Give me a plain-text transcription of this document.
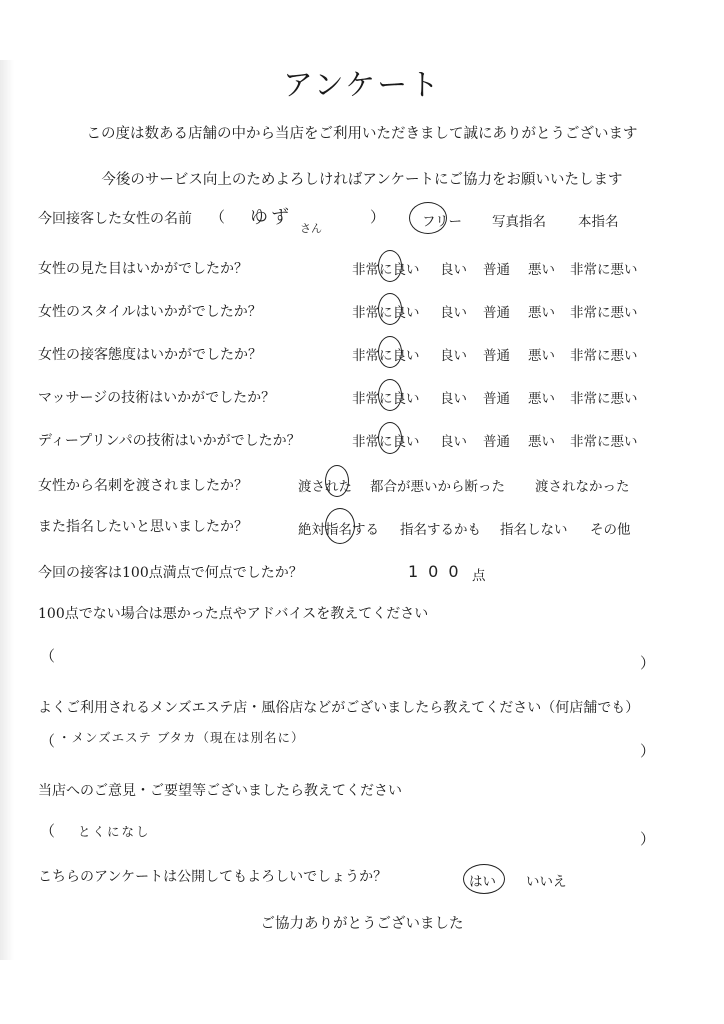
アンケート
この度は数ある店舗の中から当店をご利用いただきまして誠にありがとうございます
今後のサービス向上のためよろしければアンケートにご協力をお願いいたします
今回接客した女性の名前 （ ゆず
さん
）	フリー 写真指名 本指名
女性の見た目はいかがでしたか？	非常に良い 良い 普通 悪い 非常に悪い
女性のスタイルはいかがでしたか？	非常に良い 良い 普通 悪い 非常に悪い
女性の接客態度はいかがでしたか？	非常に良い 良い 普通 悪い 非常に悪い
マッサージの技術はいかがでしたか？	非常に良い 良い 普通 悪い 非常に悪い
ディープリンパの技術はいかがでしたか？	非常に良い 良い 普通 悪い 非常に悪い
女性から名刺を渡されましたか？	渡された 都合が悪いから断った 渡されなかった
また指名したいと思いましたか？	絶対指名する 指名するかも 指名しない その他
今回の接客は100点満点で何点でしたか？	100 点
100点でない場合は悪かった点やアドバイスを教えてください
（	）
よくご利用されるメンズエステ店・風俗店などがございましたら教えてください（何店舗でも）
（ ・メンズエステ ブタカ（現在は別名に）
）
当店へのご意見・ご要望等ございましたら教えてください
（ とくになし	）
こちらのアンケートは公開してもよろしいでしょうか？	はい いいえ
ご協力ありがとうございました
